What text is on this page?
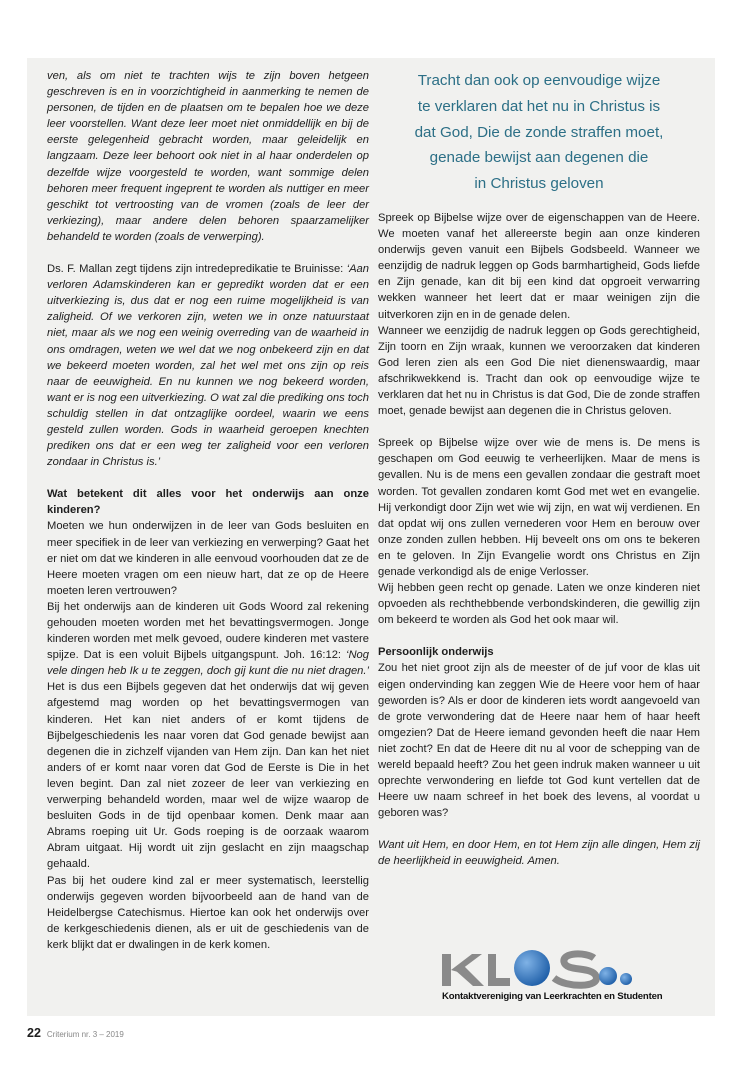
ven, als om niet te trachten wijs te zijn boven hetgeen geschreven is en in voorzichtigheid in aanmerking te nemen de personen, de tijden en de plaatsen om te bepalen hoe we deze leer voorstellen. Want deze leer moet niet onmiddellijk en bij de eerste gelegenheid gebracht worden, maar geleidelijk en langzaam. Deze leer behoort ook niet in al haar onderdelen op dezelfde wijze voorgesteld te worden, want sommige delen behoren meer frequent ingeprent te worden als nuttiger en meer geschikt tot vertroosting van de vromen (zoals de leer der verkiezing), maar andere delen behoren spaarzamelijker behandeld te worden (zoals de verwerping).

Ds. F. Mallan zegt tijdens zijn intredepredikatie te Bruinisse: ‘Aan verloren Adamskinderen kan er gepredikt worden dat er een uitverkiezing is, dus dat er nog een ruime mogelijkheid is van zaligheid. Of we verkoren zijn, weten we in onze natuurstaat niet, maar als we nog een weinig overreding van de waarheid in ons omdragen, weten we wel dat we nog onbekeerd zijn en dat we bekeerd moeten worden, zal het wel met ons zijn op reis naar de eeuwigheid. En nu kunnen we nog bekeerd worden, want er is nog een uitverkiezing. O wat zal die prediking ons toch schuldig stellen in dat ontzaglijke oordeel, waarin we eens gesteld zullen worden. Gods in waarheid geroepen knechten prediken ons dat er een weg ter zaligheid voor een verloren zondaar in Christus is.’

Wat betekent dit alles voor het onderwijs aan onze kinderen?

Moeten we hun onderwijzen in de leer van Gods besluiten en meer specifiek in de leer van verkiezing en verwerping? Gaat het er niet om dat we kinderen in alle eenvoud voorhouden dat ze de Heere moeten vragen om een nieuw hart, dat ze op de Heere moeten leren vertrouwen?

Bij het onderwijs aan de kinderen uit Gods Woord zal rekening gehouden moeten worden met het bevattingsvermogen. Jonge kinderen worden met melk gevoed, oudere kinderen met vastere spijze. Dat is een voluit Bijbels uitgangspunt. Joh. 16:12: ‘Nog vele dingen heb Ik u te zeggen, doch gij kunt die nu niet dragen.’ Het is dus een Bijbels gegeven dat het onderwijs dat wij geven afgestemd mag worden op het bevattingsvermogen van kinderen. Het kan niet anders of er komt tijdens de Bijbelgeschiedenis les naar voren dat God genade bewijst aan degenen die in zichzelf vijanden van Hem zijn. Dan kan het niet anders of er komt naar voren dat God de Eerste is Die in het leven begint. Dan zal niet zozeer de leer van verkiezing en verwerping behandeld worden, maar wel de wijze waarop de besluiten Gods in de tijd openbaar komen. Denk maar aan Abrams roeping uit Ur. Gods roeping is de oorzaak waarom Abram uitgaat. Hij wordt uit zijn geslacht en zijn maagschap gehaald.

Pas bij het oudere kind zal er meer systematisch, leerstellig onderwijs gegeven worden bijvoorbeeld aan de hand van de Heidelbergse Catechismus. Hiertoe kan ook het onderwijs over de kerkgeschiedenis dienen, als er uit de geschiedenis van de kerk blijkt dat er dwalingen in de kerk komen.

Tracht dan ook op eenvoudige wijze
te verklaren dat het nu in Christus is
dat God, Die de zonde straffen moet,
genade bewijst aan degenen die
in Christus geloven

Spreek op Bijbelse wijze over de eigenschappen van de Heere. We moeten vanaf het allereerste begin aan onze kinderen onderwijs geven vanuit een Bijbels Godsbeeld. Wanneer we eenzijdig de nadruk leggen op Gods barmhartigheid, Gods liefde en Zijn genade, kan dit bij een kind dat opgroeit verwarring wekken wanneer het leert dat er maar weinigen zijn die uitverkoren zijn en in de genade delen.

Wanneer we eenzijdig de nadruk leggen op Gods gerechtigheid, Zijn toorn en Zijn wraak, kunnen we veroorzaken dat kinderen God leren zien als een God Die niet dienenswaardig, maar afschrikwekkend is. Tracht dan ook op eenvoudige wijze te verklaren dat het nu in Christus is dat God, Die de zonde straffen moet, genade bewijst aan degenen die in Christus geloven.

Spreek op Bijbelse wijze over wie de mens is. De mens is geschapen om God eeuwig te verheerlijken. Maar de mens is gevallen. Nu is de mens een gevallen zondaar die gestraft moet worden. Tot gevallen zondaren komt God met wet en evangelie. Hij verkondigt door Zijn wet wie wij zijn, en wat wij verdienen. En dat opdat wij ons zullen vernederen voor Hem en berouw over onze zonden zullen hebben. Hij beveelt ons om ons te bekeren en te geloven. In Zijn Evangelie wordt ons Christus en Zijn genade verkondigd als de enige Verlosser.

Wij hebben geen recht op genade. Laten we onze kinderen niet opvoeden als rechthebbende verbondskinderen, die gewillig zijn om bekeerd te worden als God het ook maar wil.

Persoonlijk onderwijs

Zou het niet groot zijn als de meester of de juf voor de klas uit eigen ondervinding kan zeggen Wie de Heere voor hem of haar geworden is? Als er door de kinderen iets wordt aangevoeld van de grote verwondering dat de Heere naar hem of haar heeft omgezien? Dat de Heere iemand gevonden heeft die naar Hem niet zocht? En dat de Heere dit nu al voor de schepping van de wereld bepaald heeft? Zou het geen indruk maken wanneer u uit oprechte verwondering en liefde tot God kunt vertellen dat de Heere uw naam schreef in het boek des levens, al voordat u geboren was?

Want uit Hem, en door Hem, en tot Hem zijn alle dingen, Hem zij de heerlijkheid in eeuwigheid. Amen.

Kontaktvereniging van Leerkrachten en Studenten
22 Criterium nr. 3 – 2019
